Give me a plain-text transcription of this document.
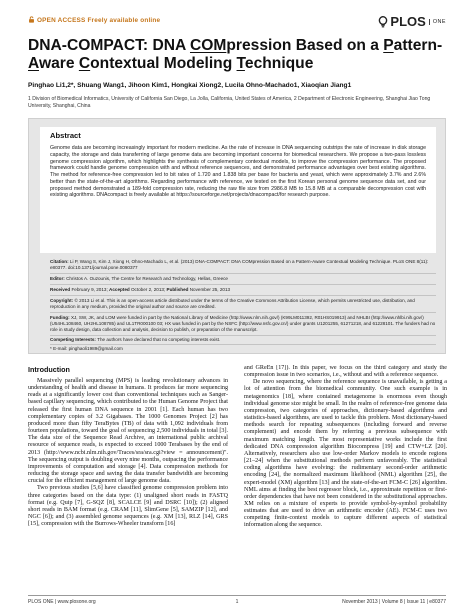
OPEN ACCESS Freely available online	PLOS	ONE
DNA-COMPACT: DNA COMpression Based on a Pattern-
Aware Contextual Modeling Technique

Pinghao Li1,2*, Shuang Wang1, Jihoon Kim1, Hongkai Xiong2, Lucila Ohno-Machado1, Xiaoqian Jiang1

1 Division of Biomedical Informatics, University of California San Diego, La Jolla, California, United States of America, 2 Department of Electronic Engineering, Shanghai Jiao Tong University, Shanghai, China

Abstract

Genome data are becoming increasingly important for modern medicine. As the rate of increase in DNA sequencing outstrips the rate of increase in disk storage capacity, the storage and data transferring of large genome data are becoming important concerns for biomedical researchers. We propose a two-pass lossless genome compression algorithm, which highlights the synthesis of complementary contextual models, to improve the compression performance. The proposed framework could handle genome compression with and without reference sequences, and demonstrated performance advantages over best existing algorithms. The method for reference-free compression led to bit rates of 1.720 and 1.838 bits per base for bacteria and yeast, which were approximately 3.7% and 2.6% better than the state-of-the-art algorithms. Regarding performance with reference, we tested on the first Korean personal genome sequence data set, and our proposed method demonstrated a 189-fold compression rate, reducing the raw file size from 2986.8 MB to 15.8 MB at a comparable decompression cost with existing algorithms. DNAcompact is freely available at https://sourceforge.net/projects/dnacompact/for research purpose.

Citation: Li P, Wang S, Kim J, Xiong H, Ohno-Machado L, et al. (2013) DNA-COMPACT: DNA COMpression Based on a Pattern-Aware Contextual Modeling Technique. PLoS ONE 8(11): e80377. doi:10.1371/journal.pone.0080377

Editor: Christos A. Ouzounis, The Centre for Research and Technology, Hellas, Greece

Received February 9, 2013; Accepted October 2, 2013; Published November 25, 2013

Copyright: © 2013 Li et al. This is an open-access article distributed under the terms of the Creative Commons Attribution License, which permits unrestricted use, distribution, and reproduction in any medium, provided the original author and source are credited.

Funding: XJ, SW, JK, and LOM were funded in part by the National Library of Medicine (http://www.nlm.nih.gov/) (K99LM011392, R01HS019913) and NHLBI (http://www.nhlbi.nih.gov/) (U54HL108460, UH2HL108785) and UL1TR000100 03; HX was funded in part by the NSFC (http://www.nsfc.gov.cn/) under grants U1201255, 61271218, and 61228101. The funders had no role in study design, data collection and analysis, decision to publish, or preparation of the manuscript.

Competing Interests: The authors have declared that no competing interests exist.

* E-mail: pinghaoli1989@gmail.com

Introduction

Massively parallel sequencing (MPS) is leading revolutionary advances in understanding of health and disease in humans. It produces far more sequencing reads at a significantly lower cost than conventional techniques such as Sanger-based capillary sequencing, which contributed to the Human Genome Project that released the first human DNA sequence in 2001 [1]. Each human has two complementary copies of 3.2 Gigabases. The 1000 Genomes Project [2] has produced more than fifty TeraBytes (TB) of data with 1,092 individuals from fourteen populations, toward the goal of sequencing 2,500 individuals in total [3]. The data size of the Sequence Read Archive, an international public archival resource of sequence reads, is expected to exceed 1000 Terabases by the end of 2013 (http://www.ncbi.nlm.nih.gov/Traces/sra/sra.cgi?view = announcement)". The sequencing output is doubling every nine months, outpacing the performance improvements of computation and storage [4]. Data compression methods for reducing the storage space and saving the data transfer bandwidth are becoming crucial for the efficient management of large genome data.

Two previous studies [5,6] have classified genome compression problem into three categories based on the data type: (1) unaligned short reads in FASTQ format (e.g. Quip [7], G-SQZ [8], SCALCE [9] and DSRC [10]); (2) aligned short reads in BAM format (e.g. CRAM [11], SlimGene [5], SAMZIP [12], and NGC [6]); and (3) assembled genome sequences (e.g. XM [13], RLZ [14], GRS [15], compression with the Burrows-Wheeler transform [16]

and GReEn [17]). In this paper, we focus on the third category and study the compression issue in two scenarios, i.e., without and with a reference sequence.

De novo sequencing, where the reference sequence is unavailable, is getting a lot of attention from the biomedical community. One such example is in metagenomics [18], where contained metagenome is enormous even though individual genome size might be small. In the realm of reference-free genome data compression, two categories of approaches, dictionary-based algorithms and statistics-based algorithms, are used to tackle this problem. Most dictionary-based methods search for repeating subsequences (including forward and reverse complement) and encode them by referring a previous subsequence with maximum matching length. The most representative works include the first dedicated DNA compression algorithm Biocompress [19] and CTW+LZ [20]. Alternatively, researchers also use low-order Markov models to encode regions [21–24] when the substitutional methods perform unfavorably. The statistical coding algorithms have evolving: the rudimentary second-order arithmetic encoding [24], the normalized maximum likelihood (NML) algorithm [25], the expert-model (XM) algorithm [13] and the state-of-the-art FCM-C [26] algorithm. NML aims at finding the best regressor block, i.e., approximate repetition or first-order dependencies that have not been considered in the substitutional approaches. XM relies on a mixture of experts to provide symbol-by-symbol probability estimates that are used to drive an arithmetic encoder (AE). FCM-C uses two competing finite-context models to capture different aspects of statistical information along the sequence.

PLOS ONE | www.plosone.org	1	November 2013 | Volume 8 | Issue 11 | e80377
